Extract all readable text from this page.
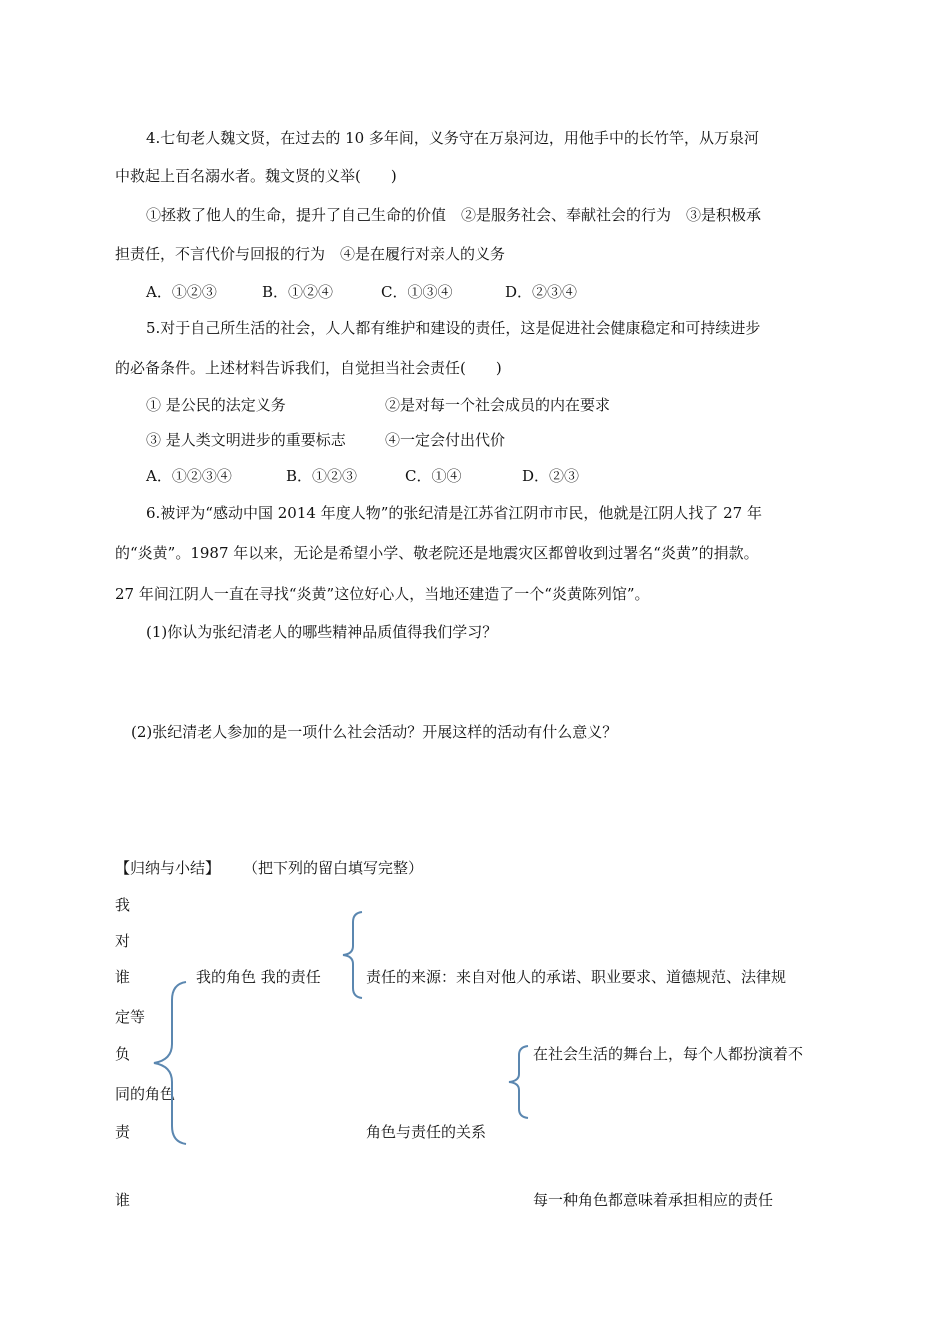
4.七旬老人魏文贤，在过去的 10 多年间，义务守在万泉河边，用他手中的长竹竿，从万泉河
中救起上百名溺水者。魏文贤的义举(　　)
①拯救了他人的生命，提升了自己生命的价值　②是服务社会、奉献社会的行为　③是积极承
担责任，不言代价与回报的行为　④是在履行对亲人的义务
A．①②③	B．①②④	C．①③④	D．②③④
5.对于自己所生活的社会，人人都有维护和建设的责任，这是促进社会健康稳定和可持续进步
的必备条件。上述材料告诉我们，自觉担当社会责任(　　)
① 是公民的法定义务	②是对每一个社会成员的内在要求
③ 是人类文明进步的重要标志	④一定会付出代价
A．①②③④	B．①②③	C．①④	D．②③
6.被评为“感动中国 2014 年度人物”的张纪清是江苏省江阴市市民，他就是江阴人找了 27 年
的“炎黄”。1987 年以来，无论是希望小学、敬老院还是地震灾区都曾收到过署名“炎黄”的捐款。
27 年间江阴人一直在寻找“炎黄”这位好心人，当地还建造了一个“炎黄陈列馆”。
(1)你认为张纪清老人的哪些精神品质值得我们学习？
(2)张纪清老人参加的是一项什么社会活动？开展这样的活动有什么意义？
【归纳与小结】 （把下列的留白填写完整）
我
对
谁
定等
负
同的角色
责
谁
我的角色 我的责任	责任的来源：来自对他人的承诺、职业要求、道德规范、法律规
在社会生活的舞台上，每个人都扮演着不
角色与责任的关系
每一种角色都意味着承担相应的责任
